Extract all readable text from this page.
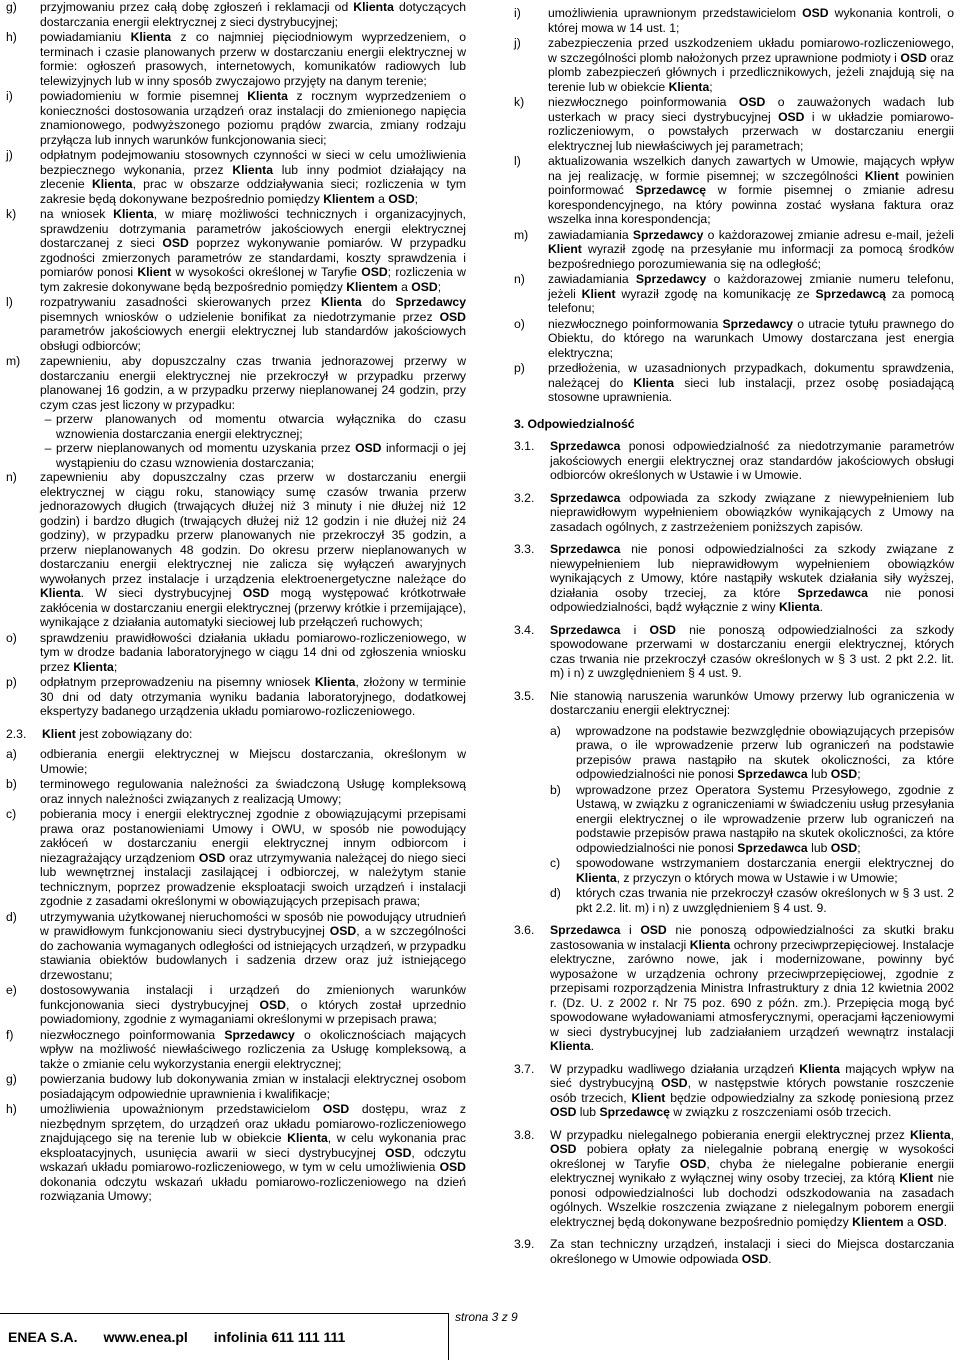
g)	przyjmowaniu przez całą dobę zgłoszeń i reklamacji od Klienta dotyczących dostarczania energii elektrycznej z sieci dystrybucyjnej;
h)	powiadamianiu Klienta z co najmniej pięciodniowym wyprzedzeniem, o terminach i czasie planowanych przerw w dostarczaniu energii elektrycznej w formie: ogłoszeń prasowych, internetowych, komunikatów radiowych lub telewizyjnych lub w inny sposób zwyczajowo przyjęty na danym terenie;
i)	powiadomieniu w formie pisemnej Klienta z rocznym wyprzedzeniem o konieczności dostosowania urządzeń oraz instalacji do zmienionego napięcia znamionowego, podwyższonego poziomu prądów zwarcia, zmiany rodzaju przyłącza lub innych warunków funkcjonowania sieci;
j)	odpłatnym podejmowaniu stosownych czynności w sieci w celu umożliwienia bezpiecznego wykonania, przez Klienta lub inny podmiot działający na zlecenie Klienta, prac w obszarze oddziaływania sieci; rozliczenia w tym zakresie będą dokonywane bezpośrednio pomiędzy Klientem a OSD;
k)	na wniosek Klienta, w miarę możliwości technicznych i organizacyjnych, sprawdzeniu dotrzymania parametrów jakościowych energii elektrycznej dostarczanej z sieci OSD poprzez wykonywanie pomiarów. W przypadku zgodności zmierzonych parametrów ze standardami, koszty sprawdzenia i pomiarów ponosi Klient w wysokości określonej w Taryfie OSD; rozliczenia w tym zakresie dokonywane będą bezpośrednio pomiędzy Klientem a OSD;
l)	rozpatrywaniu zasadności skierowanych przez Klienta do Sprzedawcy pisemnych wniosków o udzielenie bonifikat za niedotrzymanie przez OSD parametrów jakościowych energii elektrycznej lub standardów jakościowych obsługi odbiorców;
m)	zapewnieniu, aby dopuszczalny czas trwania jednorazowej przerwy w dostarczaniu energii elektrycznej nie przekroczył w przypadku przerwy planowanej 16 godzin, a w przypadku przerwy nieplanowanej 24 godzin, przy czym czas jest liczony w przypadku:
– przerw planowanych od momentu otwarcia wyłącznika do czasu wznowienia dostarczania energii elektrycznej;
– przerw nieplanowanych od momentu uzyskania przez OSD informacji o jej wystąpieniu do czasu wznowienia dostarczania;
n)	zapewnieniu aby dopuszczalny czas przerw w dostarczaniu energii elektrycznej w ciągu roku, stanowiący sumę czasów trwania przerw jednorazowych długich (trwających dłużej niż 3 minuty i nie dłużej niż 12 godzin) i bardzo długich (trwających dłużej niż 12 godzin i nie dłużej niż 24 godziny), w przypadku przerw planowanych nie przekroczył 35 godzin, a przerw nieplanowanych 48 godzin. Do okresu przerw nieplanowanych w dostarczaniu energii elektrycznej nie zalicza się wyłączeń awaryjnych wywołanych przez instalacje i urządzenia elektroenergetyczne należące do Klienta. W sieci dystrybucyjnej OSD mogą występować krótkotrwałe zakłócenia w dostarczaniu energii elektrycznej (przerwy krótkie i przemijające), wynikające z działania automatyki sieciowej lub przełączeń ruchowych;
o)	sprawdzeniu prawidłowości działania układu pomiarowo-rozliczeniowego, w tym w drodze badania laboratoryjnego w ciągu 14 dni od zgłoszenia wniosku przez Klienta;
p)	odpłatnym przeprowadzeniu na pisemny wniosek Klienta, złożony w terminie 30 dni od daty otrzymania wyniku badania laboratoryjnego, dodatkowej ekspertyzy badanego urządzenia układu pomiarowo-rozliczeniowego.
2.3.	Klient jest zobowiązany do:
a)	odbierania energii elektrycznej w Miejscu dostarczania, określonym w Umowie;
b)	terminowego regulowania należności za świadczoną Usługę kompleksową oraz innych należności związanych z realizacją Umowy;
c)	pobierania mocy i energii elektrycznej zgodnie z obowiązującymi przepisami prawa oraz postanowieniami Umowy i OWU, w sposób nie powodujący zakłóceń w dostarczaniu energii elektrycznej innym odbiorcom i niezagrażający urządzeniom OSD oraz utrzymywania należącej do niego sieci lub wewnętrznej instalacji zasilającej i odbiorczej, w należytym stanie technicznym, poprzez prowadzenie eksploatacji swoich urządzeń i instalacji zgodnie z zasadami określonymi w obowiązujących przepisach prawa;
d)	utrzymywania użytkowanej nieruchomości w sposób nie powodujący utrudnień w prawidłowym funkcjonowaniu sieci dystrybucyjnej OSD, a w szczególności do zachowania wymaganych odległości od istniejących urządzeń, w przypadku stawiania obiektów budowlanych i sadzenia drzew oraz już istniejącego drzewostanu;
e)	dostosowywania instalacji i urządzeń do zmienionych warunków funkcjonowania sieci dystrybucyjnej OSD, o których został uprzednio powiadomiony, zgodnie z wymaganiami określonymi w przepisach prawa;
f)	niezwłocznego poinformowania Sprzedawcy o okolicznościach mających wpływ na możliwość niewłaściwego rozliczenia za Usługę kompleksową, a także o zmianie celu wykorzystania energii elektrycznej;
g)	powierzania budowy lub dokonywania zmian w instalacji elektrycznej osobom posiadającym odpowiednie uprawnienia i kwalifikacje;
h)	umożliwienia upoważnionym przedstawicielom OSD dostępu, wraz z niezbędnym sprzętem, do urządzeń oraz układu pomiarowo-rozliczeniowego znajdującego się na terenie lub w obiekcie Klienta, w celu wykonania prac eksploatacyjnych, usunięcia awarii w sieci dystrybucyjnej OSD, odczytu wskazań układu pomiarowo-rozliczeniowego, w tym w celu umożliwienia OSD dokonania odczytu wskazań układu pomiarowo-rozliczeniowego na dzień rozwiązania Umowy;
i)	umożliwienia uprawnionym przedstawicielom OSD wykonania kontroli, o której mowa w 14 ust. 1;
j)	zabezpieczenia przed uszkodzeniem układu pomiarowo-rozliczeniowego, w szczególności plomb nałożonych przez uprawnione podmioty i OSD oraz plomb zabezpieczeń głównych i przedlicznikowych, jeżeli znajdują się na terenie lub w obiekcie Klienta;
k)	niezwłocznego poinformowania OSD o zauważonych wadach lub usterkach w pracy sieci dystrybucyjnej OSD i w układzie pomiarowo-rozliczeniowym, o powstałych przerwach w dostarczaniu energii elektrycznej lub niewłaściwych jej parametrach;
l)	aktualizowania wszelkich danych zawartych w Umowie, mających wpływ na jej realizację, w formie pisemnej; w szczególności Klient powinien poinformować Sprzedawcę w formie pisemnej o zmianie adresu korespondencyjnego, na który powinna zostać wysłana faktura oraz wszelka inna korespondencja;
m)	zawiadamiania Sprzedawcy o każdorazowej zmianie adresu e-mail, jeżeli Klient wyraził zgodę na przesyłanie mu informacji za pomocą środków bezpośredniego porozumiewania się na odległość;
n)	zawiadamiania Sprzedawcy o każdorazowej zmianie numeru telefonu, jeżeli Klient wyraził zgodę na komunikację ze Sprzedawcą za pomocą telefonu;
o)	niezwłocznego poinformowania Sprzedawcy o utracie tytułu prawnego do Obiektu, do którego na warunkach Umowy dostarczana jest energia elektryczna;
p)	przedłożenia, w uzasadnionych przypadkach, dokumentu sprawdzenia, należącej do Klienta sieci lub instalacji, przez osobę posiadającą stosowne uprawnienia.
3. Odpowiedzialność
3.1.	Sprzedawca ponosi odpowiedzialność za niedotrzymanie parametrów jakościowych energii elektrycznej oraz standardów jakościowych obsługi odbiorców określonych w Ustawie i w Umowie.
3.2.	Sprzedawca odpowiada za szkody związane z niewypełnieniem lub nieprawidłowym wypełnieniem obowiązków wynikających z Umowy na zasadach ogólnych, z zastrzeżeniem poniższych zapisów.
3.3.	Sprzedawca nie ponosi odpowiedzialności za szkody związane z niewypełnieniem lub nieprawidłowym wypełnieniem obowiązków wynikających z Umowy, które nastąpiły wskutek działania siły wyższej, działania osoby trzeciej, za które Sprzedawca nie ponosi odpowiedzialności, bądź wyłącznie z winy Klienta.
3.4.	Sprzedawca i OSD nie ponoszą odpowiedzialności za szkody spowodowane przerwami w dostarczaniu energii elektrycznej, których czas trwania nie przekroczył czasów określonych w § 3 ust. 2 pkt 2.2. lit. m) i n) z uwzględnieniem § 4 ust. 9.
3.5.	Nie stanowią naruszenia warunków Umowy przerwy lub ograniczenia w dostarczaniu energii elektrycznej:
a)	wprowadzone na podstawie bezwzględnie obowiązujących przepisów prawa, o ile wprowadzenie przerw lub ograniczeń na podstawie przepisów prawa nastąpiło na skutek okoliczności, za które odpowiedzialności nie ponosi Sprzedawca lub OSD;
b)	wprowadzone przez Operatora Systemu Przesyłowego, zgodnie z Ustawą, w związku z ograniczeniami w świadczeniu usług przesyłania energii elektrycznej o ile wprowadzenie przerw lub ograniczeń na podstawie przepisów prawa nastąpiło na skutek okoliczności, za które odpowiedzialności nie ponosi Sprzedawca lub OSD;
c)	spowodowane wstrzymaniem dostarczania energii elektrycznej do Klienta, z przyczyn o których mowa w Ustawie i w Umowie;
d)	których czas trwania nie przekroczył czasów określonych w § 3 ust. 2 pkt 2.2. lit. m) i n) z uwzględnieniem § 4 ust. 9.
3.6.	Sprzedawca i OSD nie ponoszą odpowiedzialności za skutki braku zastosowania w instalacji Klienta ochrony przeciwprzepięciowej. Instalacje elektryczne, zarówno nowe, jak i modernizowane, powinny być wyposażone w urządzenia ochrony przeciwprzepięciowej, zgodnie z przepisami rozporządzenia Ministra Infrastruktury z dnia 12 kwietnia 2002 r. (Dz. U. z 2002 r. Nr 75 poz. 690 z późn. zm.). Przepięcia mogą być spowodowane wyładowaniami atmosferycznymi, operacjami łączeniowymi w sieci dystrybucyjnej lub zadziałaniem urządzeń wewnątrz instalacji Klienta.
3.7.	W przypadku wadliwego działania urządzeń Klienta mających wpływ na sieć dystrybucyjną OSD, w następstwie których powstanie roszczenie osób trzecich, Klient będzie odpowiedzialny za szkodę poniesioną przez OSD lub Sprzedawcę w związku z roszczeniami osób trzecich.
3.8.	W przypadku nielegalnego pobierania energii elektrycznej przez Klienta, OSD pobiera opłaty za nielegalnie pobraną energię w wysokości określonej w Taryfie OSD, chyba że nielegalne pobieranie energii elektrycznej wynikało z wyłącznej winy osoby trzeciej, za którą Klient nie ponosi odpowiedzialności lub dochodzi odszkodowania na zasadach ogólnych. Wszelkie roszczenia związane z nielegalnym poborem energii elektrycznej będą dokonywane bezpośrednio pomiędzy Klientem a OSD.
3.9.	Za stan techniczny urządzeń, instalacji i sieci do Miejsca dostarczania określonego w Umowie odpowiada OSD.
strona 3 z 9
ENEA S.A. www.enea.pl infolinia 611 111 111
